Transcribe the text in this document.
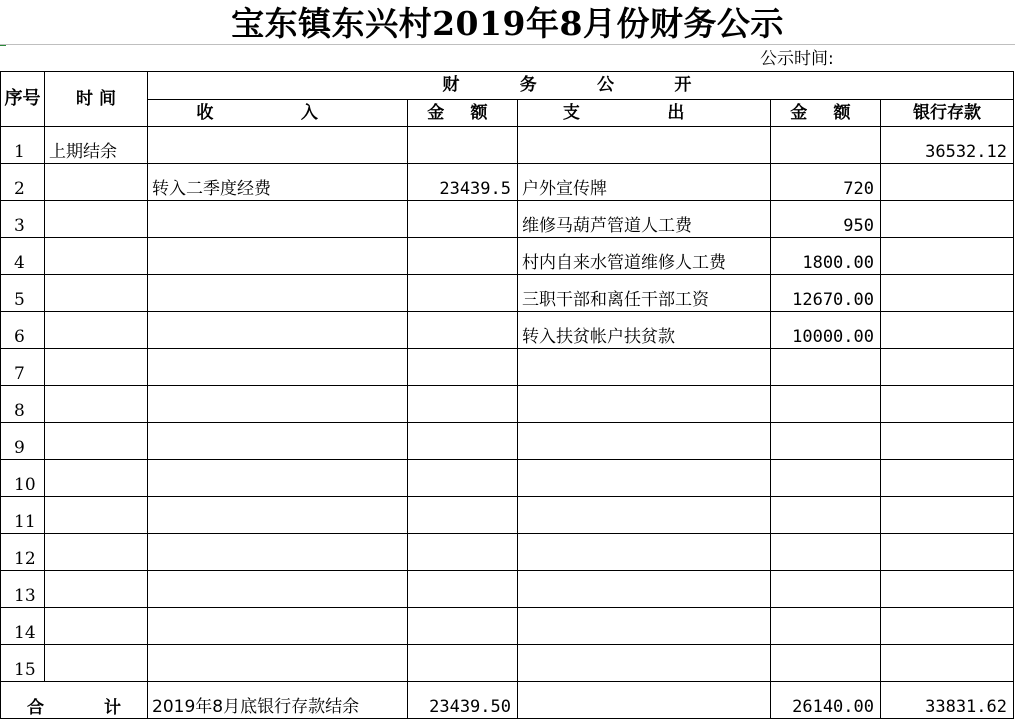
宝东镇东兴村2019年8月份财务公示
公示时间:
序号	时 间	财 务 公 开				
		收 入	金 额	支 出	金 额	银行存款
1	上期结余					36532.12
2		转入二季度经费	23439.5	户外宣传牌	720	
3				维修马葫芦管道人工费	950	
4				村内自来水管道维修人工费	1800.00	
5				三职干部和离任干部工资	12670.00	
6				转入扶贫帐户扶贫款	10000.00	
7						
8						
9						
10						
11						
12						
13						
14						
15						

合 计		2019年8月底银行存款结余	23439.50		26140.00	33831.62
